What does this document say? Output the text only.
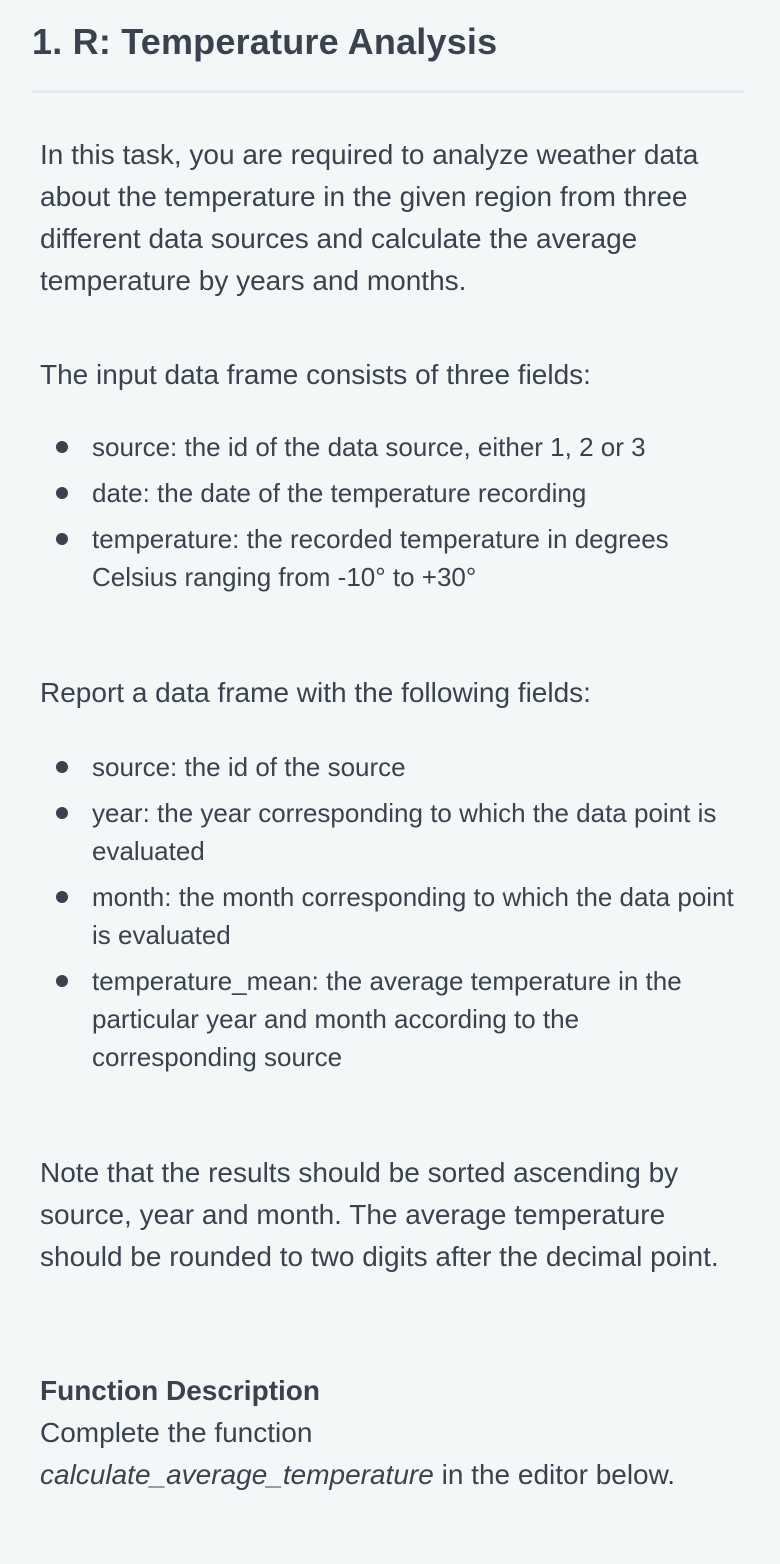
1. R: Temperature Analysis

In this task, you are required to analyze weather data about the temperature in the given region from three different data sources and calculate the average temperature by years and months.

The input data frame consists of three fields:

source: the id of the data source, either 1, 2 or 3
date: the date of the temperature recording
temperature: the recorded temperature in degrees Celsius ranging from -10° to +30°

Report a data frame with the following fields:

source: the id of the source
year: the year corresponding to which the data point is evaluated
month: the month corresponding to which the data point is evaluated
temperature_mean: the average temperature in the particular year and month according to the corresponding source

Note that the results should be sorted ascending by source, year and month. The average temperature should be rounded to two digits after the decimal point.

Function Description

Complete the function
calculate_average_temperature in the editor below.
